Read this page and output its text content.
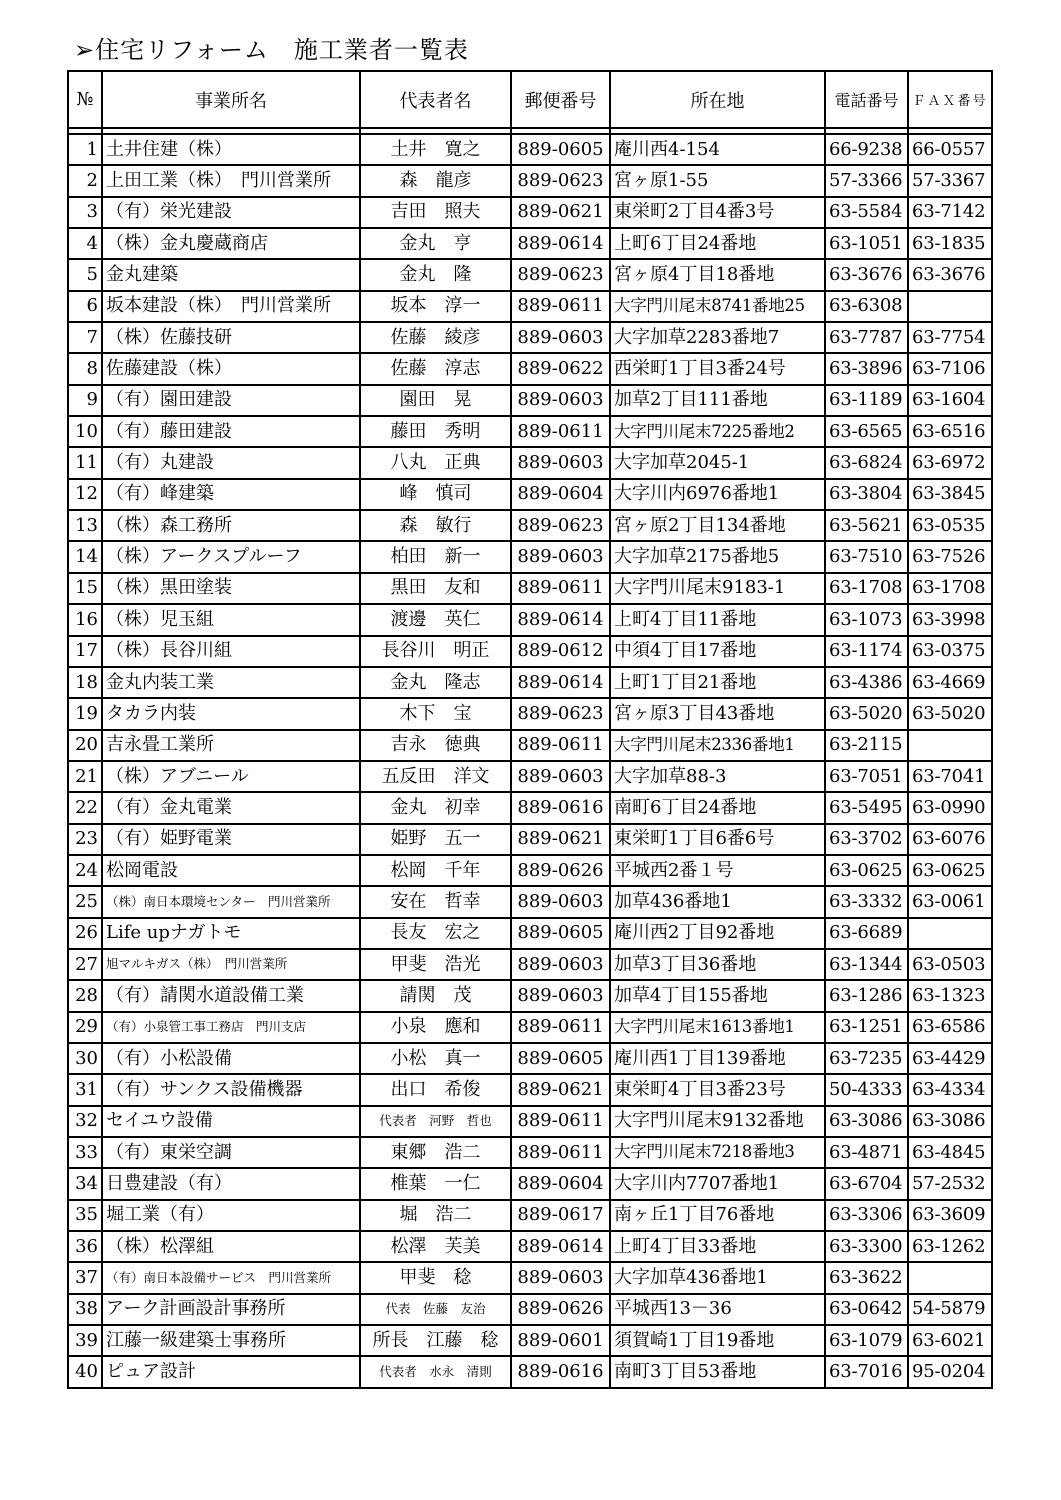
➢住宅リフォーム　施工業者一覧表
№	事業所名	代表者名	郵便番号	所在地	電話番号	ＦＡＸ番号

1	土井住建（株）	土井　寛之	889-0605	庵川西4-154	66-9238	66-0557
2	上田工業（株）　門川営業所	森　龍彦	889-0623	宮ヶ原1-55	57-3366	57-3367
3	（有）栄光建設	吉田　照夫	889-0621	東栄町2丁目4番3号	63-5584	63-7142
4	（株）金丸慶蔵商店	金丸　亨	889-0614	上町6丁目24番地	63-1051	63-1835
5	金丸建築	金丸　隆	889-0623	宮ヶ原4丁目18番地	63-3676	63-3676
6	坂本建設（株）　門川営業所	坂本　淳一	889-0611	大字門川尾末8741番地25	63-6308	
7	（株）佐藤技研	佐藤　綾彦	889-0603	大字加草2283番地7	63-7787	63-7754
8	佐藤建設（株）	佐藤　淳志	889-0622	西栄町1丁目3番24号	63-3896	63-7106
9	（有）園田建設	園田　晃	889-0603	加草2丁目111番地	63-1189	63-1604
10	（有）藤田建設	藤田　秀明	889-0611	大字門川尾末7225番地2	63-6565	63-6516
11	（有）丸建設	八丸　正典	889-0603	大字加草2045-1	63-6824	63-6972
12	（有）峰建築	峰　慎司	889-0604	大字川内6976番地1	63-3804	63-3845
13	（株）森工務所	森　敏行	889-0623	宮ヶ原2丁目134番地	63-5621	63-0535
14	（株）アークスプルーフ	柏田　新一	889-0603	大字加草2175番地5	63-7510	63-7526
15	（株）黒田塗装	黒田　友和	889-0611	大字門川尾末9183-1	63-1708	63-1708
16	（株）児玉組	渡邊　英仁	889-0614	上町4丁目11番地	63-1073	63-3998
17	（株）長谷川組	長谷川　明正	889-0612	中須4丁目17番地	63-1174	63-0375
18	金丸内装工業	金丸　隆志	889-0614	上町1丁目21番地	63-4386	63-4669
19	タカラ内装	木下　宝	889-0623	宮ヶ原3丁目43番地	63-5020	63-5020
20	吉永畳工業所	吉永　徳典	889-0611	大字門川尾末2336番地1	63-2115	
21	（株）アブニール	五反田　洋文	889-0603	大字加草88-3	63-7051	63-7041
22	（有）金丸電業	金丸　初幸	889-0616	南町6丁目24番地	63-5495	63-0990
23	（有）姫野電業	姫野　五一	889-0621	東栄町1丁目6番6号	63-3702	63-6076
24	松岡電設	松岡　千年	889-0626	平城西2番１号	63-0625	63-0625
25	（株）南日本環境センター　門川営業所	安在　哲幸	889-0603	加草436番地1	63-3332	63-0061
26	Life upナガトモ	長友　宏之	889-0605	庵川西2丁目92番地	63-6689	
27	旭マルキガス（株）　門川営業所	甲斐　浩光	889-0603	加草3丁目36番地	63-1344	63-0503
28	（有）請関水道設備工業	請関　茂	889-0603	加草4丁目155番地	63-1286	63-1323
29	（有）小泉管工事工務店　門川支店	小泉　應和	889-0611	大字門川尾末1613番地1	63-1251	63-6586
30	（有）小松設備	小松　真一	889-0605	庵川西1丁目139番地	63-7235	63-4429
31	（有）サンクス設備機器	出口　希俊	889-0621	東栄町4丁目3番23号	50-4333	63-4334
32	セイユウ設備	代表者　河野　哲也	889-0611	大字門川尾末9132番地	63-3086	63-3086
33	（有）東栄空調	東郷　浩二	889-0611	大字門川尾末7218番地3	63-4871	63-4845
34	日豊建設（有）	椎葉　一仁	889-0604	大字川内7707番地1	63-6704	57-2532
35	堀工業（有）	堀　浩二	889-0617	南ヶ丘1丁目76番地	63-3306	63-3609
36	（株）松澤組	松澤　芙美	889-0614	上町4丁目33番地	63-3300	63-1262
37	（有）南日本設備サービス　門川営業所	甲斐　稔	889-0603	大字加草436番地1	63-3622	
38	アーク計画設計事務所	代表　佐藤　友治	889-0626	平城西13－36	63-0642	54-5879
39	江藤一級建築士事務所	所長　江藤　稔	889-0601	須賀崎1丁目19番地	63-1079	63-6021
40	ピュア設計	代表者　水永　清則	889-0616	南町3丁目53番地	63-7016	95-0204
